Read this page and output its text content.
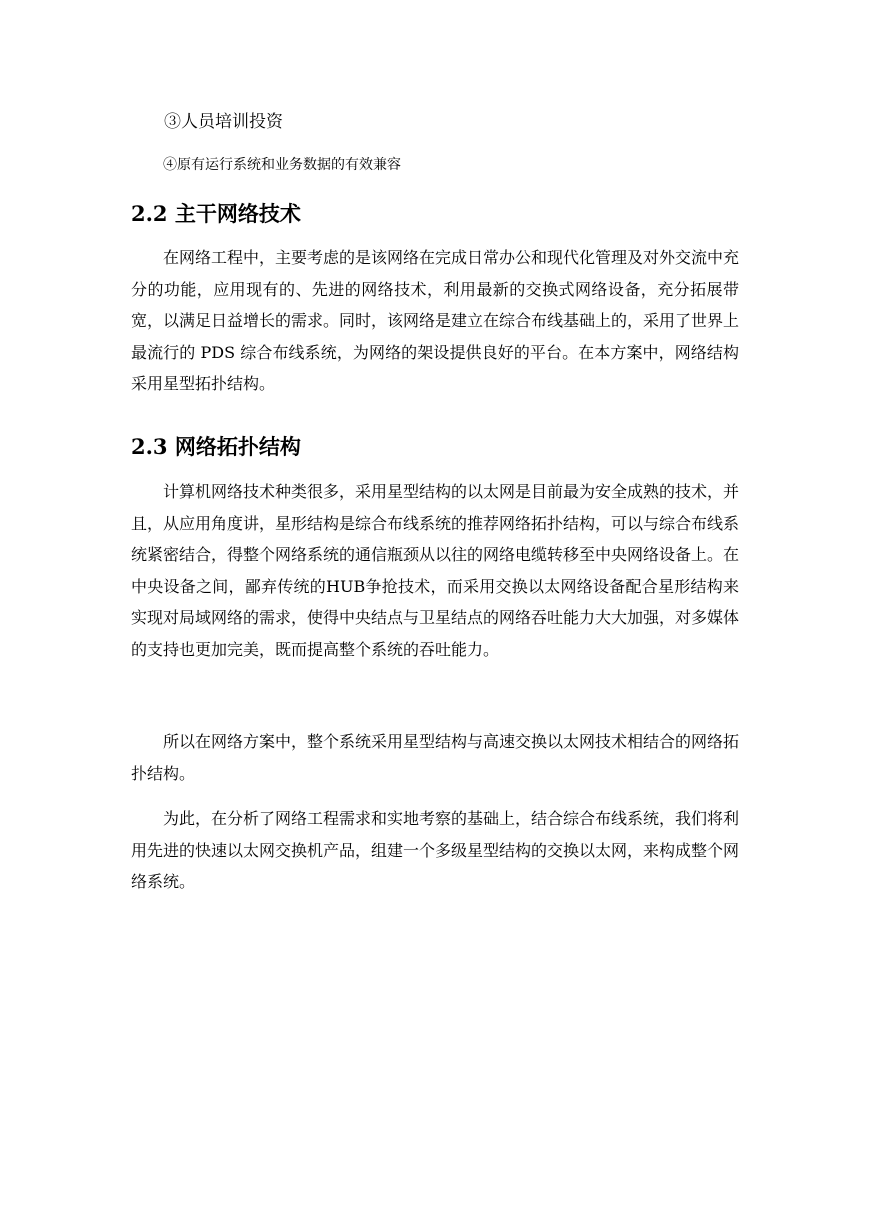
③人员培训投资
④原有运行系统和业务数据的有效兼容
2.2 主干网络技术

在网络工程中，主要考虑的是该网络在完成日常办公和现代化管理及对外交流中充分的功能，应用现有的、先进的网络技术，利用最新的交换式网络设备，充分拓展带宽，以满足日益增长的需求。同时，该网络是建立在综合布线基础上的，采用了世界上最流行的 PDS 综合布线系统，为网络的架设提供良好的平台。在本方案中，网络结构采用星型拓扑结构。

2.3 网络拓扑结构

计算机网络技术种类很多，采用星型结构的以太网是目前最为安全成熟的技术，并且，从应用角度讲，星形结构是综合布线系统的推荐网络拓扑结构，可以与综合布线系统紧密结合，得整个网络系统的通信瓶颈从以往的网络电缆转移至中央网络设备上。在中央设备之间，鄙弃传统的HUB争抢技术，而采用交换以太网络设备配合星形结构来实现对局域网络的需求，使得中央结点与卫星结点的网络吞吐能力大大加强，对多媒体的支持也更加完美，既而提高整个系统的吞吐能力。

所以在网络方案中，整个系统采用星型结构与高速交换以太网技术相结合的网络拓扑结构。

为此，在分析了网络工程需求和实地考察的基础上，结合综合布线系统，我们将利用先进的快速以太网交换机产品，组建一个多级星型结构的交换以太网，来构成整个网络系统。
